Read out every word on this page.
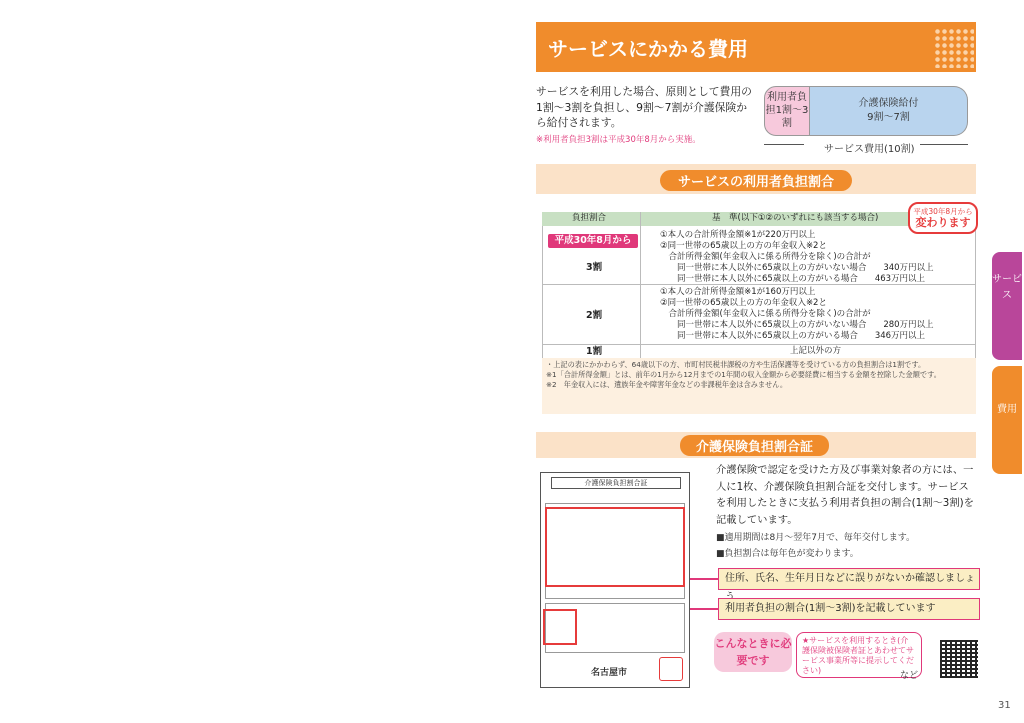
サービスにかかる費用
サービスを利用した場合、原則として費用の1割〜3割を負担し、9割〜7割が介護保険から給付されます。
※利用者負担3割は平成30年8月から実施。
利用者負担1割〜3割
介護保険給付
9割〜7割
サービス費用(10割)
サービスの利用者負担割合
負担割合	基　準(以下①②のいずれにも該当する場合)
平成30年8月から
平成30年8月から
変わります
3割
①本人の合計所得金額※1が220万円以上
②同一世帯の65歳以上の方の年金収入※2と
　合計所得金額(年金収入に係る所得分を除く)の合計が
　　同一世帯に本人以外に65歳以上の方がいない場合　　340万円以上
　　同一世帯に本人以外に65歳以上の方がいる場合　　463万円以上
2割
①本人の合計所得金額※1が160万円以上
②同一世帯の65歳以上の方の年金収入※2と
　合計所得金額(年金収入に係る所得分を除く)の合計が
　　同一世帯に本人以外に65歳以上の方がいない場合　　280万円以上
　　同一世帯に本人以外に65歳以上の方がいる場合　　346万円以上
1割	上記以外の方
・上記の表にかかわらず、64歳以下の方、市町村民税非課税の方や生活保護等を受けている方の負担割合は1割です。
※1「合計所得金額」とは、前年の1月から12月までの1年間の収入金額から必要経費に相当する金額を控除した金額です。
※2　年金収入には、遺族年金や障害年金などの非課税年金は含みません。
介護保険負担割合証
介護保険負担割合証
名古屋市
介護保険で認定を受けた方及び事業対象者の方には、一人に1枚、介護保険負担割合証を交付します。サービスを利用したときに支払う利用者負担の割合(1割〜3割)を記載しています。
■適用期間は8月〜翌年7月で、毎年交付します。
■負担割合は毎年色が変わります。
住所、氏名、生年月日などに誤りがないか確認しましょ
利用者負担の割合(1割〜3割)を記載しています
こんなときに必要です
★サービスを利用するとき(介護保険被保険者証とあわせてサービス事業所等に提示してください)
など
サービス
費用
31
